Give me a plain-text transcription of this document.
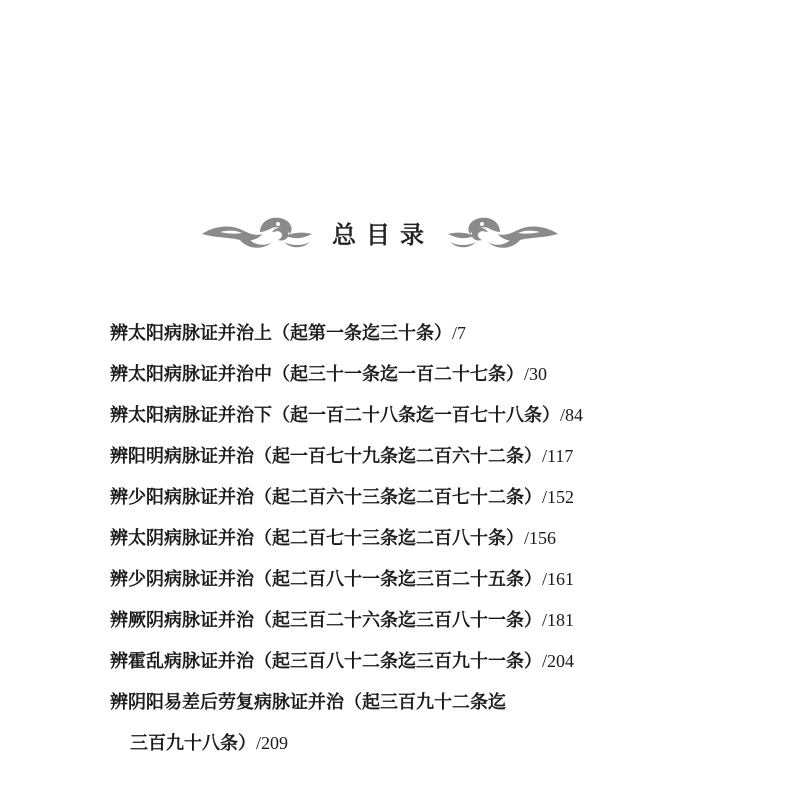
总目录
辨太阳病脉证并治上（起第一条迄三十条）/7
辨太阳病脉证并治中（起三十一条迄一百二十七条）/30
辨太阳病脉证并治下（起一百二十八条迄一百七十八条）/84
辨阳明病脉证并治（起一百七十九条迄二百六十二条）/117
辨少阳病脉证并治（起二百六十三条迄二百七十二条）/152
辨太阴病脉证并治（起二百七十三条迄二百八十条）/156
辨少阴病脉证并治（起二百八十一条迄三百二十五条）/161
辨厥阴病脉证并治（起三百二十六条迄三百八十一条）/181
辨霍乱病脉证并治（起三百八十二条迄三百九十一条）/204
辨阴阳易差后劳复病脉证并治（起三百九十二条迄
三百九十八条）/209
